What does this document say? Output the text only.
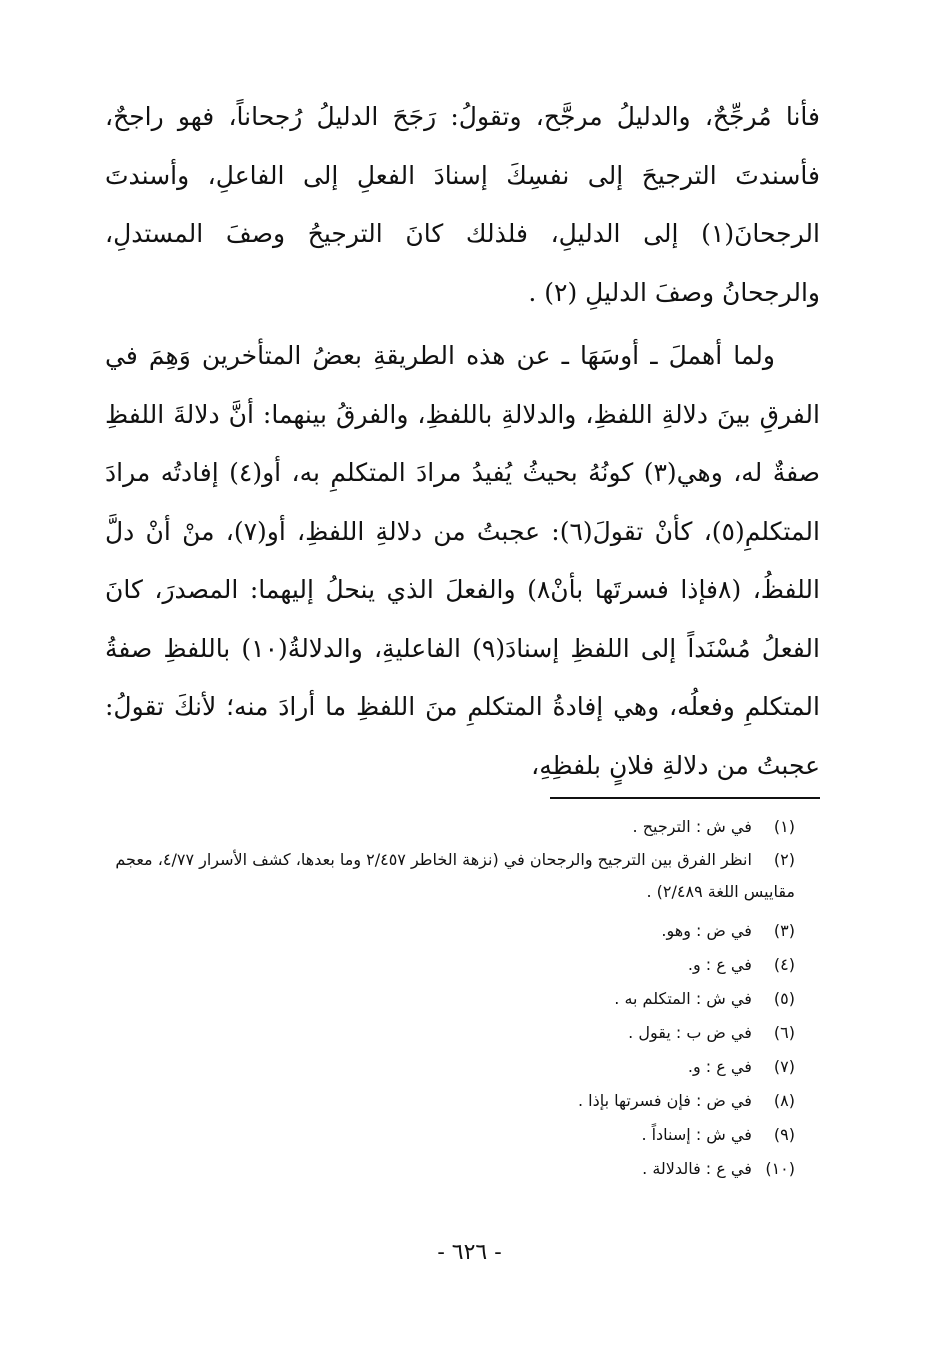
فأنا مُرجِّحٌ، والدليلُ مرجَّح، وتقولُ: رَجَحَ الدليلُ رُجحاناً، فهو راجحٌ، فأسندتَ الترجيحَ إلى نفسِكَ إسنادَ الفعلِ إلى الفاعلِ، وأسندتَ الرجحانَ(١) إلى الدليلِ، فلذلك كانَ الترجيحُ وصفَ المستدلِ، والرجحانُ وصفَ الدليلِ (٢) .

ولما أهملَ ـ أوسَهَا ـ عن هذه الطريقةِ بعضُ المتأخرين وَهِمَ في الفرقِ بينَ دلالةِ اللفظِ، والدلالةِ باللفظِ، والفرقُ بينهما: أنَّ دلالةَ اللفظِ صفةٌ له، وهي(٣) كونُهُ بحيثُ يُفيدُ مرادَ المتكلمِ به، أو(٤) إفادتُه مرادَ المتكلمِ(٥)، كأنْ تقولَ(٦): عجبتُ من دلالةِ اللفظِ، أو(٧)، منْ أنْ دلَّ اللفظُ، (٨فإذا فسرتَها بأنْ٨) والفعلَ الذي ينحلُ إليهما: المصدرَ، كانَ الفعلُ مُسْنَداً إلى اللفظِ إسنادَ(٩) الفاعليةِ، والدلالةُ(١٠) باللفظِ صفةُ المتكلمِ وفعلُه، وهي إفادةُ المتكلمِ منَ اللفظِ ما أرادَ منه؛ لأنكَ تقولُ: عجبتُ من دلالةِ فلانٍ بلفظِهِ،

(١) في ش : الترجيح .

(٢) انظر الفرق بين الترجيح والرجحان في (نزهة الخاطر ٢/٤٥٧ وما بعدها، كشف الأسرار ٤/٧٧، معجم مقاييس اللغة ٢/٤٨٩) .

(٣) في ض : وهو.

(٤) في ع : و.

(٥) في ش : المتكلم به .

(٦) في ض ب : يقول .

(٧) في ع : و.

(٨) في ض : فإن فسرتها بإذا .

(٩) في ش : إسناداً .

(١٠) في ع : فالدلالة .

- ٦٢٦ -
